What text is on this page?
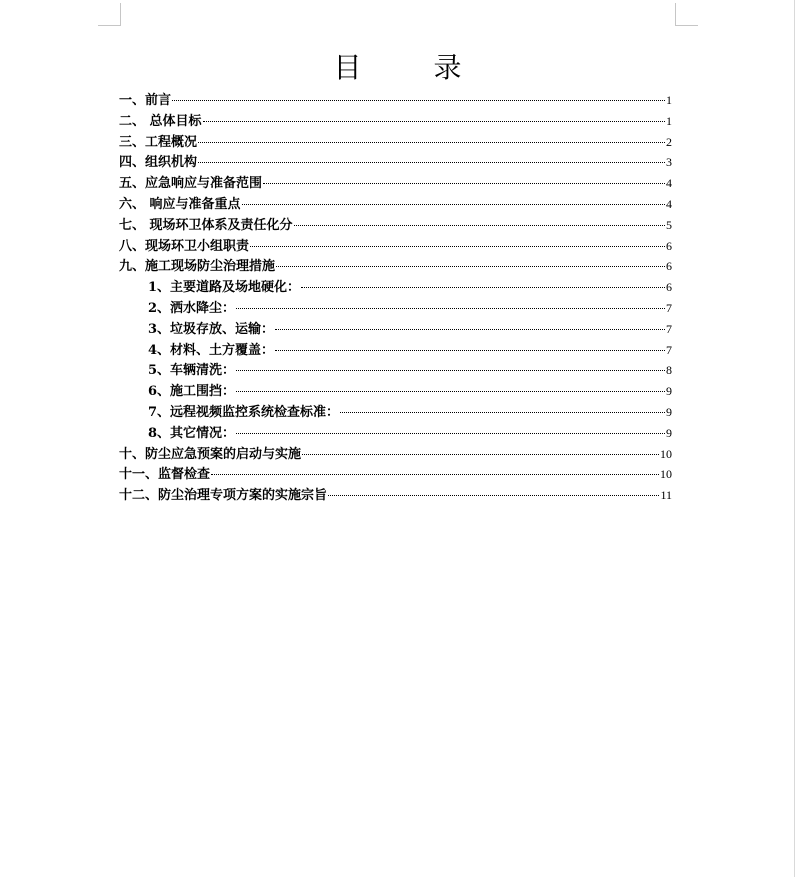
目　录
一、前言	1
二、 总体目标	1
三、工程概况	2
四、组织机构	3
五、应急响应与准备范围	4
六、 响应与准备重点	4
七、 现场环卫体系及责任化分	5
八、现场环卫小组职责	6
九、施工现场防尘治理措施	6
1、主要道路及场地硬化：	6
2、洒水降尘：	7
3、垃圾存放、运输：	7
4、材料、土方覆盖：	7
5、车辆清洗：	8
6、施工围挡：	9
7、远程视频监控系统检查标准：	9
8、其它情况：	9
十、防尘应急预案的启动与实施	10
十一、监督检查	10
十二、防尘治理专项方案的实施宗旨	11
